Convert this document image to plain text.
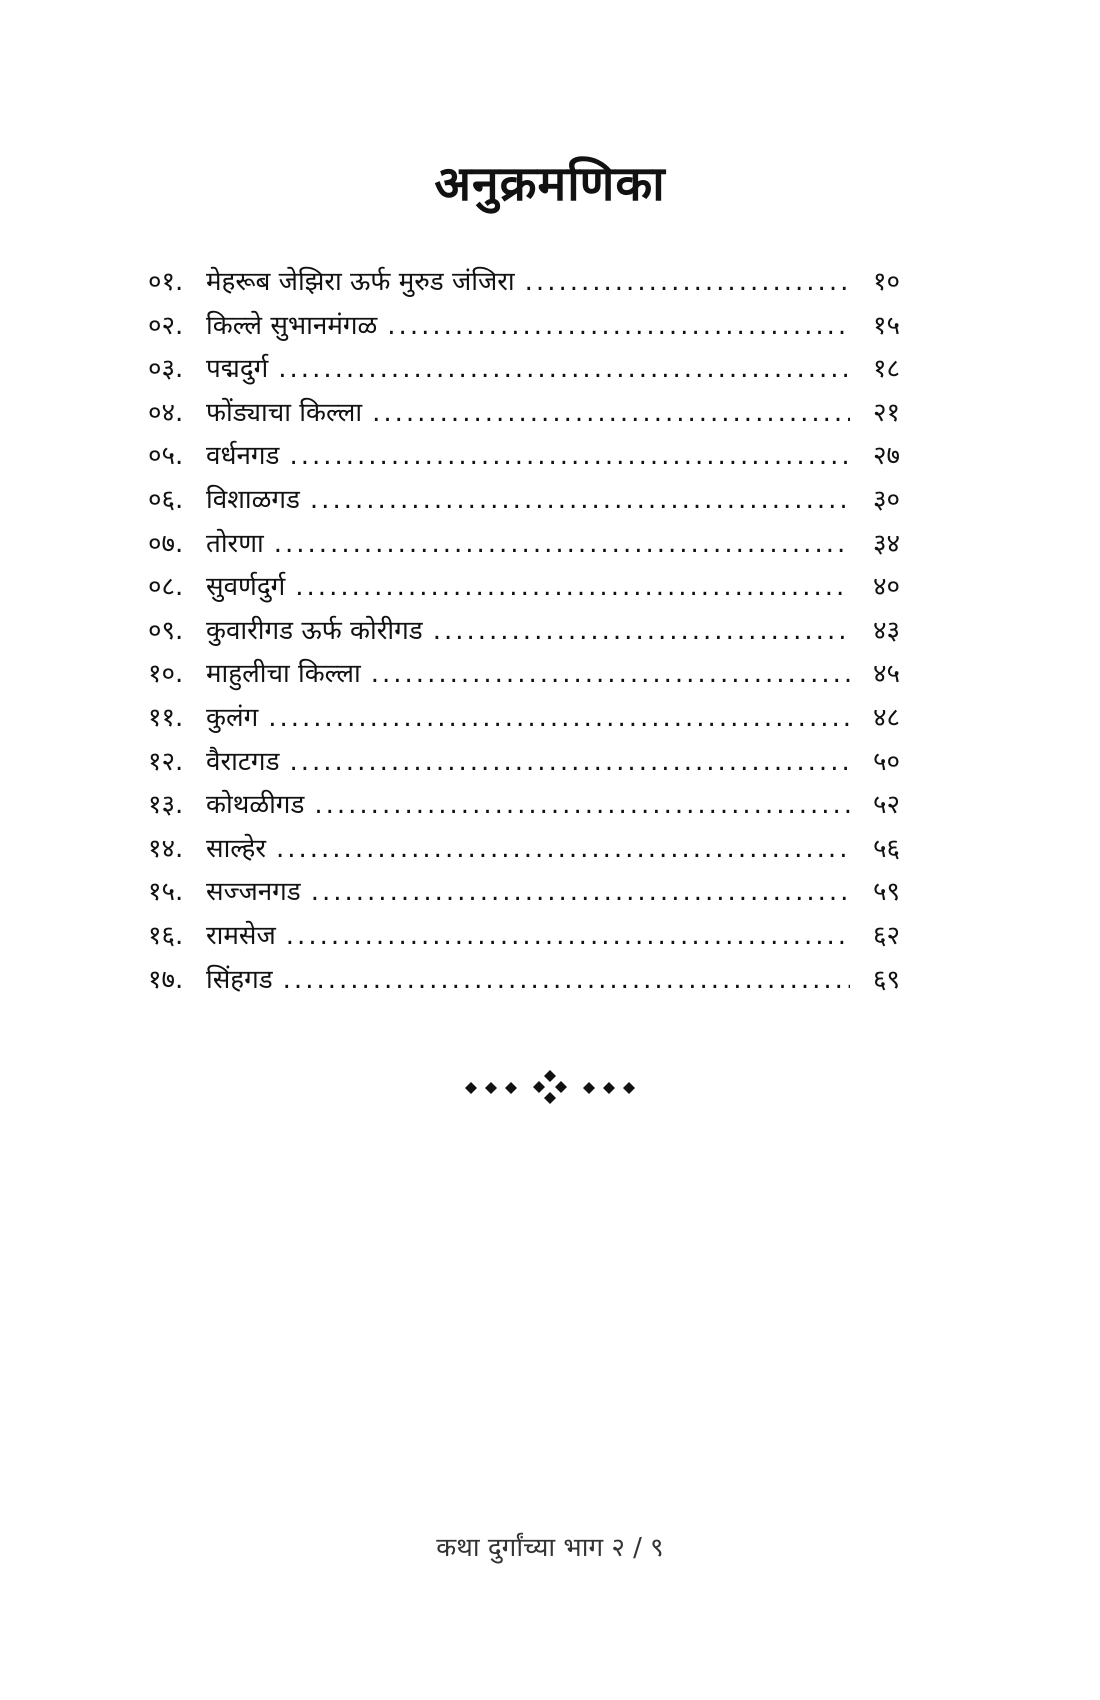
अनुक्रमणिका
०१. मेहरूब जेझिरा ऊर्फ मुरुड जंजिरा .....	१०
०२. किल्ले सुभानमंगळ .....	१५
०३. पद्मदुर्ग .....	१८
०४. फोंड्याचा किल्ला .....	२१
०५. वर्धनगड .....	२७
०६. विशाळगड .....	३०
०७. तोरणा .....	३४
०८. सुवर्णदुर्ग .....	४०
०९. कुवारीगड ऊर्फ कोरीगड .....	४३
१०. माहुलीचा किल्ला .....	४५
११. कुलंग .....	४८
१२. वैराटगड .....	५०
१३. कोथळीगड .....	५२
१४. साल्हेर .....	५६
१५. सज्जनगड .....	५९
१६. रामसेज .....	६२
१७. सिंहगड .....	६९
कथा दुर्गांच्या भाग २ / ९
